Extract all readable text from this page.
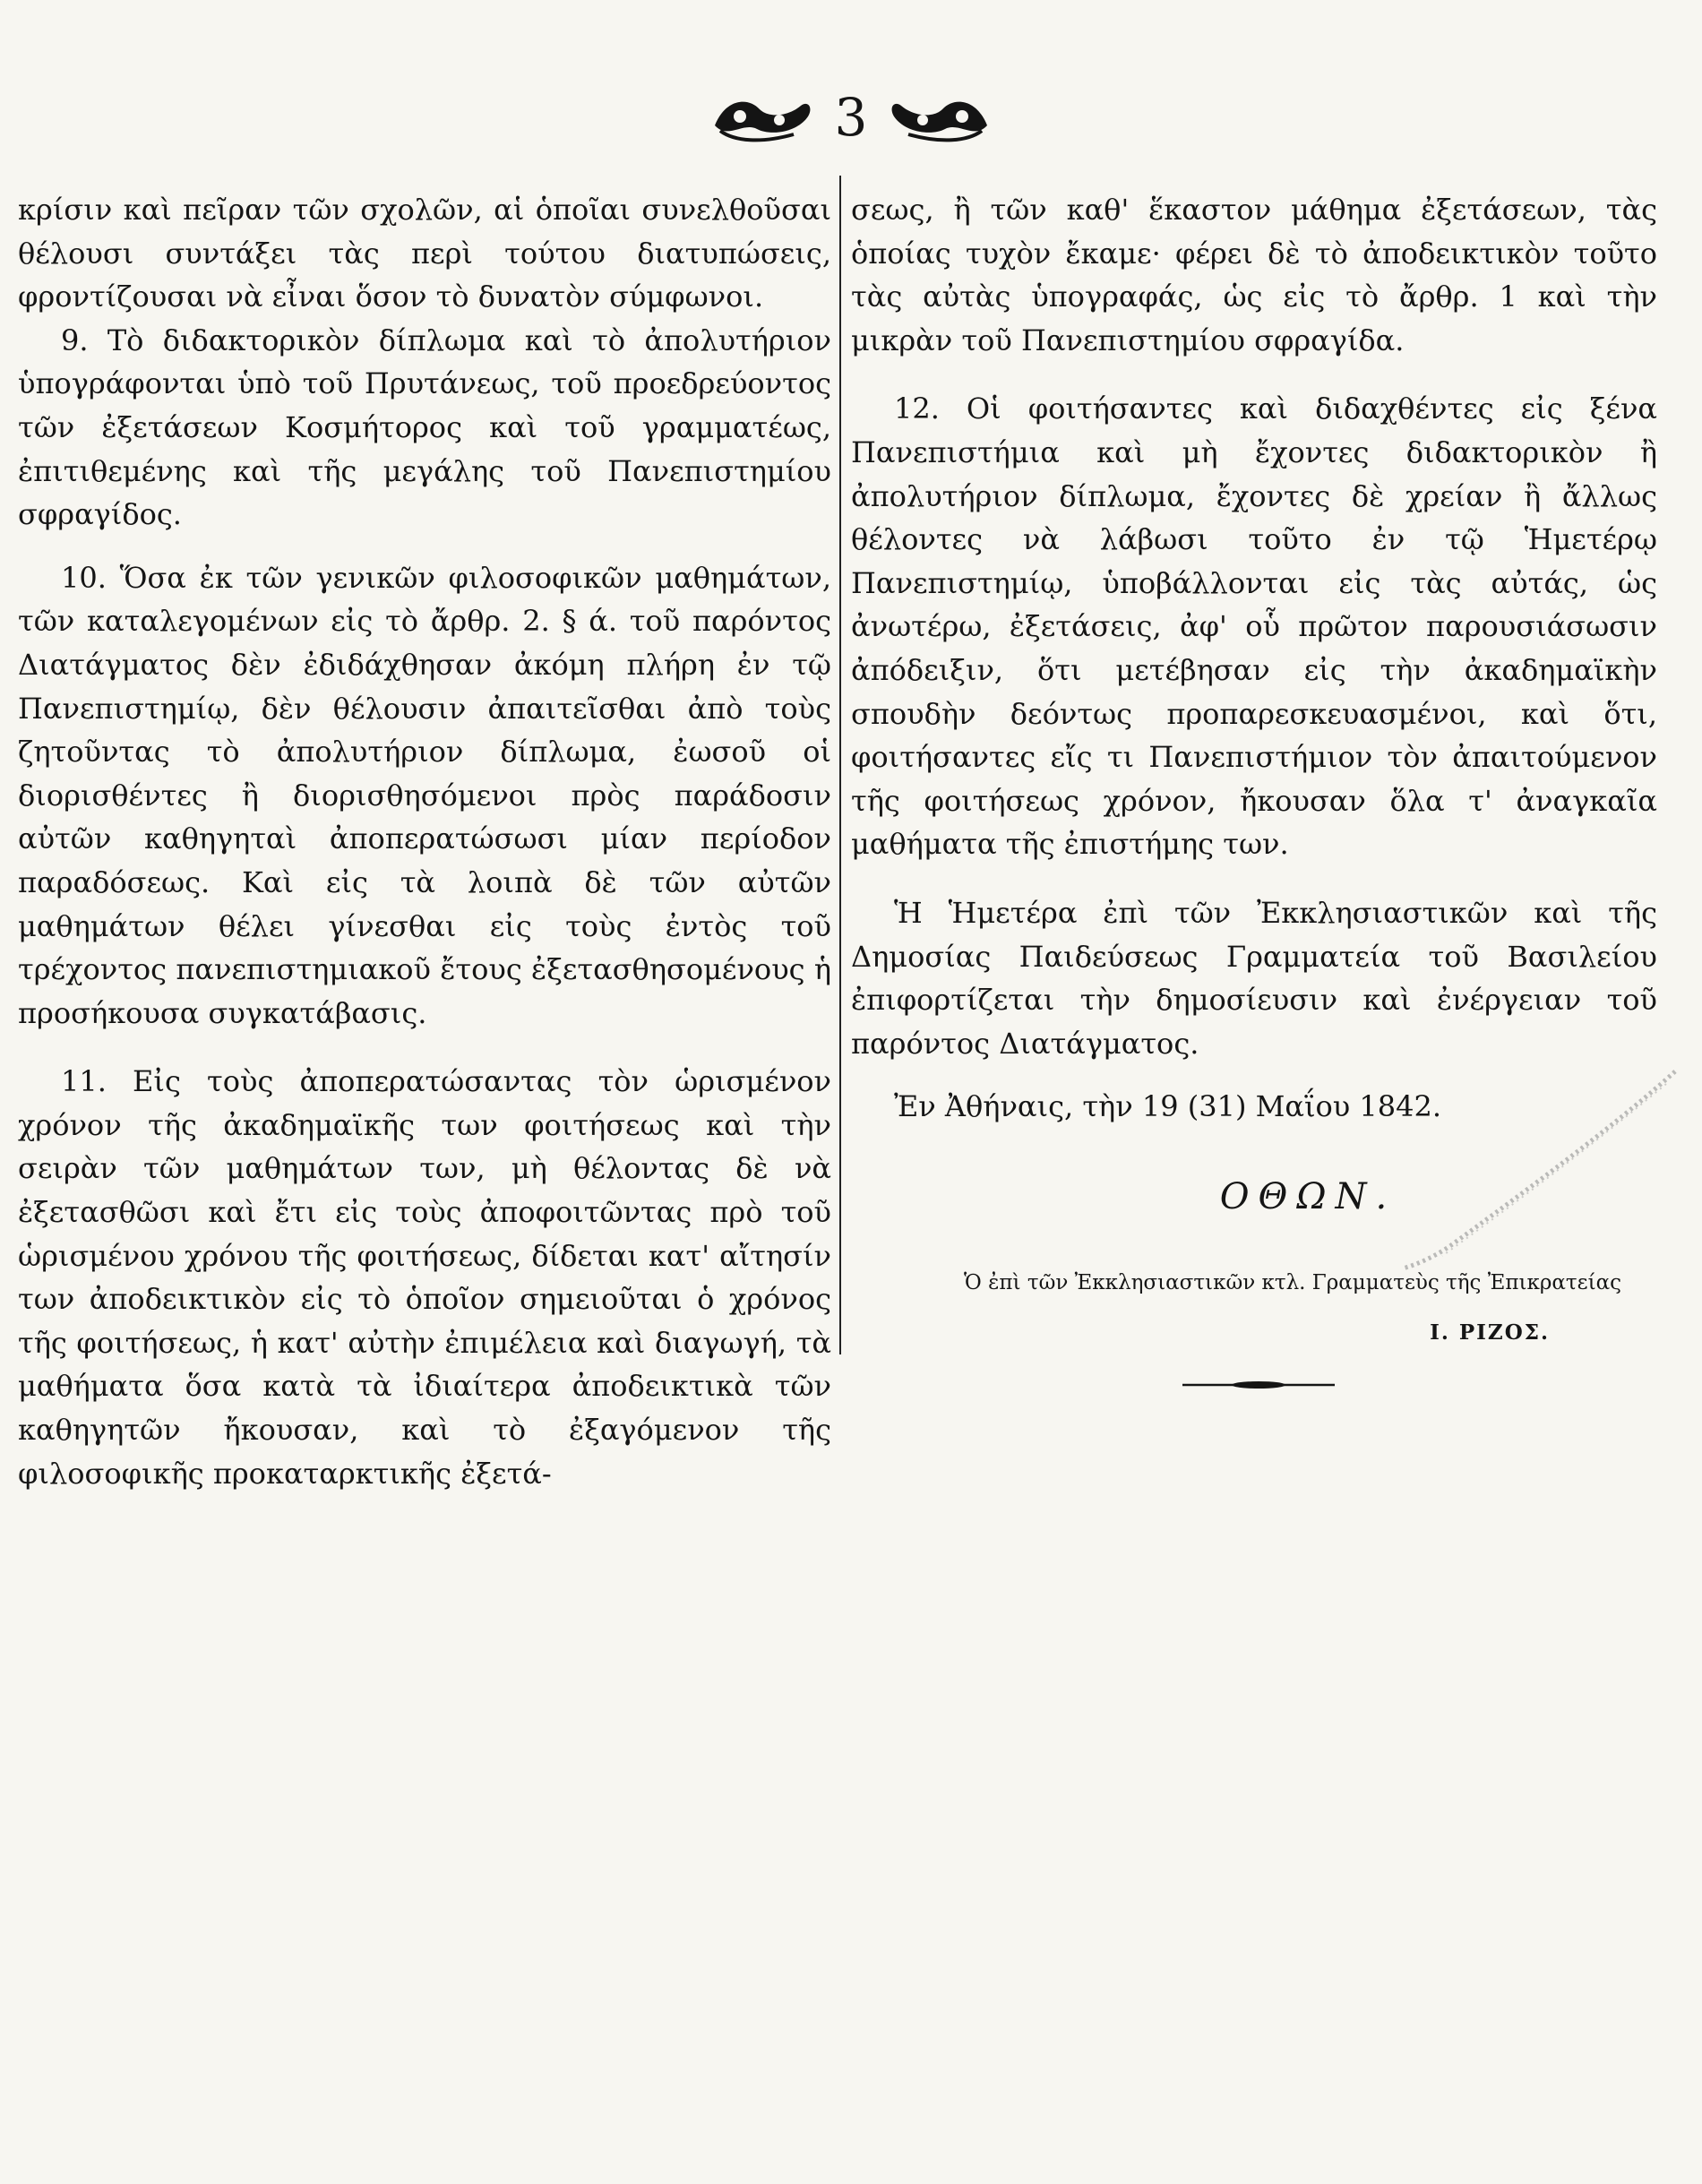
3

κρίσιν καὶ πεῖραν τῶν σχολῶν, αἱ ὁποῖαι συνελθοῦσαι θέλουσι συντάξει τὰς περὶ τούτου διατυπώσεις, φροντίζουσαι νὰ εἶναι ὅσον τὸ δυνατὸν σύμφωνοι.

9. Τὸ διδακτορικὸν δίπλωμα καὶ τὸ ἀπολυτήριον ὑπογράφονται ὑπὸ τοῦ Πρυτάνεως, τοῦ προεδρεύοντος τῶν ἐξετάσεων Κοσμήτορος καὶ τοῦ γραμματέως, ἐπιτιθεμένης καὶ τῆς μεγάλης τοῦ Πανεπιστημίου σφραγίδος.

10. Ὅσα ἐκ τῶν γενικῶν φιλοσοφικῶν μαθημάτων, τῶν καταλεγομένων εἰς τὸ ἄρθρ. 2. § ά. τοῦ παρόντος Διατάγματος δὲν ἐδιδάχθησαν ἀκόμη πλήρη ἐν τῷ Πανεπιστημίῳ, δὲν θέλουσιν ἀπαιτεῖσθαι ἀπὸ τοὺς ζητοῦντας τὸ ἀπολυτήριον δίπλωμα, ἐωσοῦ οἱ διορισθέντες ἢ διορισθησόμενοι πρὸς παράδοσιν αὐτῶν καθηγηταὶ ἀποπερατώσωσι μίαν περίοδον παραδόσεως. Καὶ εἰς τὰ λοιπὰ δὲ τῶν αὐτῶν μαθημάτων θέλει γίνεσθαι εἰς τοὺς ἐντὸς τοῦ τρέχοντος πανεπιστημιακοῦ ἔτους ἐξετασθησομένους ἡ προσήκουσα συγκατάβασις.

11. Εἰς τοὺς ἀποπερατώσαντας τὸν ὡρισμένον χρόνον τῆς ἀκαδημαϊκῆς των φοιτήσεως καὶ τὴν σειρὰν τῶν μαθημάτων των, μὴ θέλοντας δὲ νὰ ἐξετασθῶσι καὶ ἔτι εἰς τοὺς ἀποφοιτῶντας πρὸ τοῦ ὡρισμένου χρόνου τῆς φοιτήσεως, δίδεται κατ' αἴτησίν των ἀποδεικτικὸν εἰς τὸ ὁποῖον σημειοῦται ὁ χρόνος τῆς φοιτήσεως, ἡ κατ' αὐτὴν ἐπιμέλεια καὶ διαγωγή, τὰ μαθήματα ὅσα κατὰ τὰ ἰδιαίτερα ἀποδεικτικὰ τῶν καθηγητῶν ἤκουσαν, καὶ τὸ ἐξαγόμενον τῆς φιλοσοφικῆς προκαταρκτικῆς ἐξετά-

σεως, ἢ τῶν καθ' ἕκαστον μάθημα ἐξετάσεων, τὰς ὁποίας τυχὸν ἔκαμε· φέρει δὲ τὸ ἀποδεικτικὸν τοῦτο τὰς αὐτὰς ὑπογραφάς, ὡς εἰς τὸ ἄρθρ. 1 καὶ τὴν μικρὰν τοῦ Πανεπιστημίου σφραγίδα.

12. Οἱ φοιτήσαντες καὶ διδαχθέντες εἰς ξένα Πανεπιστήμια καὶ μὴ ἔχοντες διδακτορικὸν ἢ ἀπολυτήριον δίπλωμα, ἔχοντες δὲ χρείαν ἢ ἄλλως θέλοντες νὰ λάβωσι τοῦτο ἐν τῷ Ἡμετέρῳ Πανεπιστημίῳ, ὑποβάλλονται εἰς τὰς αὐτάς, ὡς ἀνωτέρω, ἐξετάσεις, ἀφ' οὗ πρῶτον παρουσιάσωσιν ἀπόδειξιν, ὅτι μετέβησαν εἰς τὴν ἀκαδημαϊκὴν σπουδὴν δεόντως προπαρεσκευασμένοι, καὶ ὅτι, φοιτήσαντες εἴς τι Πανεπιστήμιον τὸν ἀπαιτούμενον τῆς φοιτήσεως χρόνον, ἤκουσαν ὅλα τ' ἀναγκαῖα μαθήματα τῆς ἐπιστήμης των.

Ἡ Ἡμετέρα ἐπὶ τῶν Ἐκκλησιαστικῶν καὶ τῆς Δημοσίας Παιδεύσεως Γραμματεία τοῦ Βασιλείου ἐπιφορτίζεται τὴν δημοσίευσιν καὶ ἐνέργειαν τοῦ παρόντος Διατάγματος.

Ἐν Ἀθήναις, τὴν 19 (31) Μαΐου 1842.

ΟΘΩΝ.
Ὁ ἐπὶ τῶν Ἐκκλησιαστικῶν κτλ. Γραμματεὺς τῆς Ἐπικρατείας
Ι. ΡΙΖΟΣ.
